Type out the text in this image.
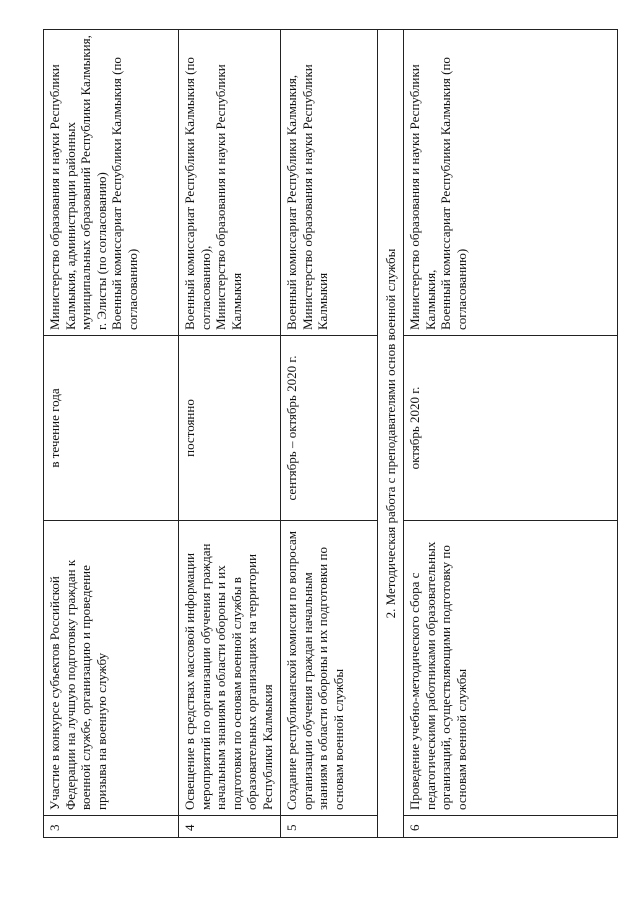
3	Участие в конкурсе субъектов Российской Федерации на лучшую подготовку граждан к военной службе, организацию и проведение призыва на военную службу	в течение года	Министерство образования и науки Республики Калмыкия, администрации районных муниципальных образований Республики Калмыкия, г. Элисты (по согласованию)
Военный комиссариат Республики Калмыкия (по согласованию)
4	Освещение в средствах массовой информации мероприятий по организации обучения граждан начальным знаниям в области обороны и их подготовки по основам военной службы в образовательных организациях на территории Республики Калмыкия	постоянно	Военный комиссариат Республики Калмыкия (по согласованию),
Министерство образования и науки Республики Калмыкия
5	Создание республиканской комиссии по вопросам организации обучения граждан начальным знаниям в области обороны и их подготовки по основам военной службы	сентябрь – октябрь 2020 г.	Военный комиссариат Республики Калмыкия, Министерство образования и науки Республики Калмыкия
2. Методическая работа с преподавателями основ военной службы			
6	Проведение учебно-методического сбора с педагогическими работниками образовательных организаций, осуществляющими подготовку по основам военной службы	октябрь 2020 г.	Министерство образования и науки Республики Калмыкия,
Военный комиссариат Республики Калмыкия (по согласованию)
